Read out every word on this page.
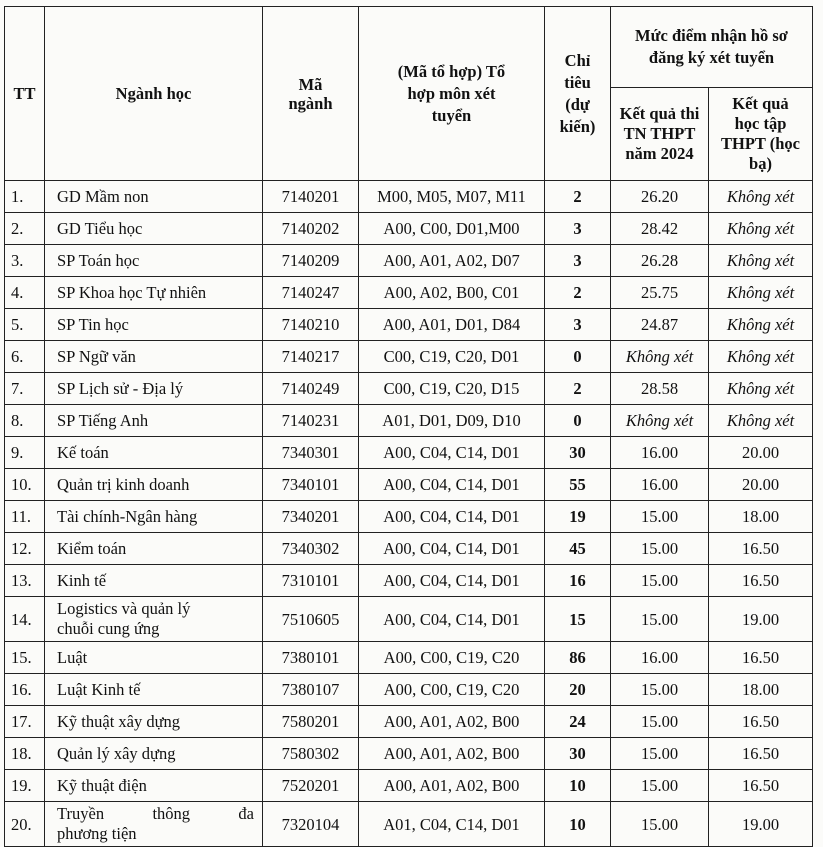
TT	Ngành học	Mã ngành	(Mã tổ hợp) Tổ hợp môn xét tuyển	Chỉ tiêu (dự kiến)	Mức điểm nhận hồ sơ đăng ký xét tuyển	
					Kết quả thi TN THPT năm 2024	Kết quả học tập THPT (học bạ)
1.	GD Mầm non	7140201	M00, M05, M07, M11	2	26.20	Không xét
2.	GD Tiểu học	7140202	A00, C00, D01,M00	3	28.42	Không xét
3.	SP Toán học	7140209	A00, A01, A02, D07	3	26.28	Không xét
4.	SP Khoa học Tự nhiên	7140247	A00, A02, B00, C01	2	25.75	Không xét
5.	SP Tin học	7140210	A00, A01, D01, D84	3	24.87	Không xét
6.	SP Ngữ văn	7140217	C00, C19, C20, D01	0	Không xét	Không xét
7.	SP Lịch sử - Địa lý	7140249	C00, C19, C20, D15	2	28.58	Không xét
8.	SP Tiếng Anh	7140231	A01, D01, D09, D10	0	Không xét	Không xét
9.	Kế toán	7340301	A00, C04, C14, D01	30	16.00	20.00
10.	Quản trị kinh doanh	7340101	A00, C04, C14, D01	55	16.00	20.00
11.	Tài chính-Ngân hàng	7340201	A00, C04, C14, D01	19	15.00	18.00
12.	Kiểm toán	7340302	A00, C04, C14, D01	45	15.00	16.50
13.	Kinh tế	7310101	A00, C04, C14, D01	16	15.00	16.50
14.	Logistics và quản lý
chuỗi cung ứng	7510605	A00, C04, C14, D01	15	15.00	19.00
15.	Luật	7380101	A00, C00, C19, C20	86	16.00	16.50
16.	Luật Kinh tế	7380107	A00, C00, C19, C20	20	15.00	18.00
17.	Kỹ thuật xây dựng	7580201	A00, A01, A02, B00	24	15.00	16.50
18.	Quản lý xây dựng	7580302	A00, A01, A02, B00	30	15.00	16.50
19.	Kỹ thuật điện	7520201	A00, A01, A02, B00	10	15.00	16.50
20.	Truyền thông đa
phương tiện	7320104	A01, C04, C14, D01	10	15.00	19.00
